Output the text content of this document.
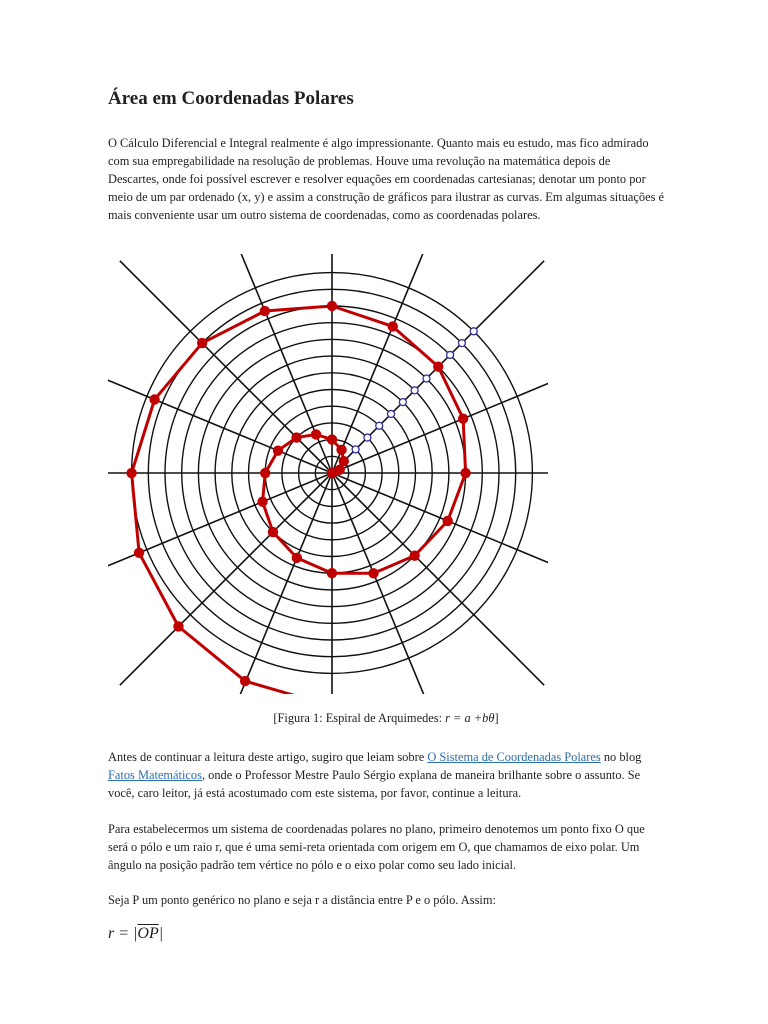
Área em Coordenadas Polares

O Cálculo Diferencial e Integral realmente é algo impressionante. Quanto mais eu estudo, mas fico admirado com sua empregabilidade na resolução de problemas. Houve uma revolução na matemática depois de Descartes, onde foi possível escrever e resolver equações em coordenadas cartesianas; denotar um ponto por meio de um par ordenado (x, y) e assim a construção de gráficos para ilustrar as curvas. Em algumas situações é mais conveniente usar um outro sistema de coordenadas, como as coordenadas polares.

[Figura 1: Espiral de Arquimedes: r = a +bθ]

Antes de continuar a leitura deste artigo, sugiro que leiam sobre O Sistema de Coordenadas Polares no blog Fatos Matemáticos, onde o Professor Mestre Paulo Sérgio explana de maneira brilhante sobre o assunto. Se você, caro leitor, já está acostumado com este sistema, por favor, continue a leitura.

Para estabelecermos um sistema de coordenadas polares no plano, primeiro denotemos um ponto fixo O que será o pólo e um raio r, que é uma semi-reta orientada com origem em O, que chamamos de eixo polar. Um ângulo na posição padrão tem vértice no pólo e o eixo polar como seu lado inicial.

Seja P um ponto genérico no plano e seja r a distância entre P e o pólo. Assim:

$r = |\overline{OP}|$
